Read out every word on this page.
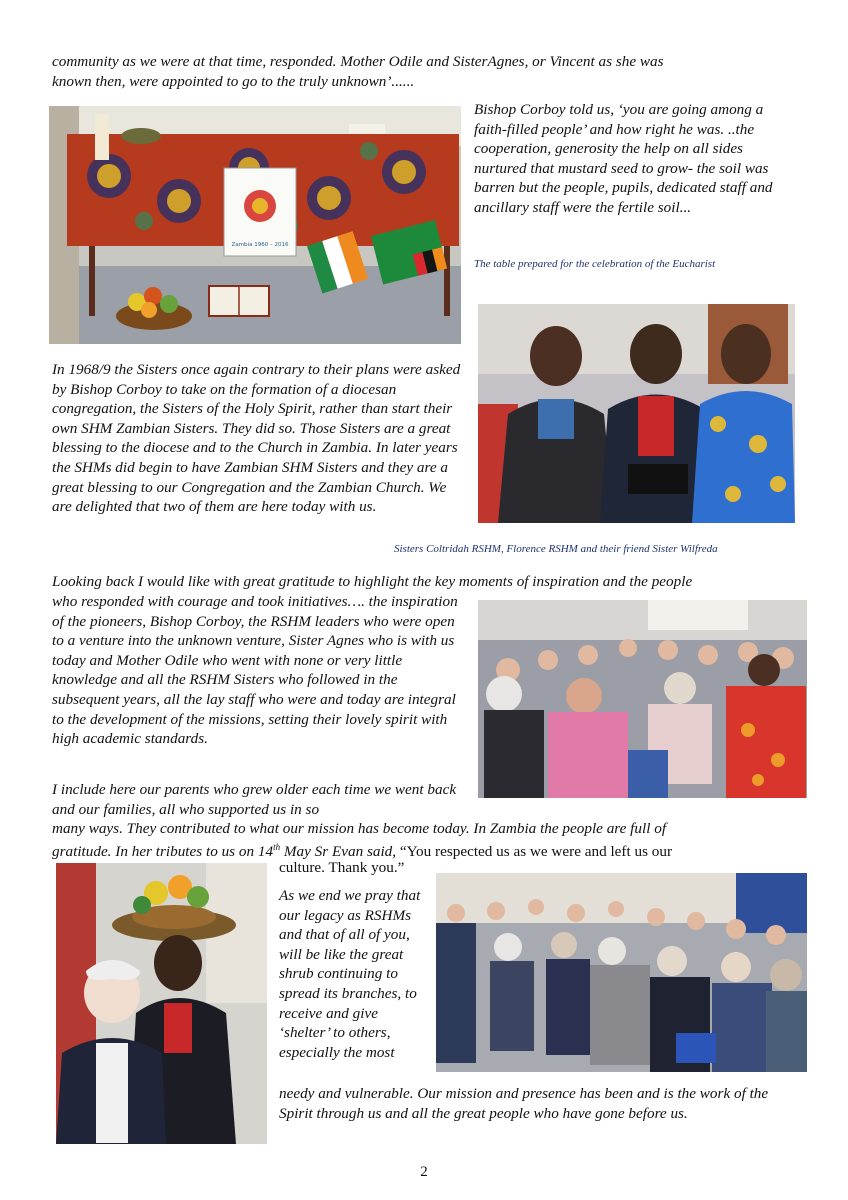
community as we were at that time, responded. Mother Odile and SisterAgnes, or Vincent as she was

known then, were appointed to go to the truly unknown’......

Zambia 1960 – 2016

Bishop Corboy told us, ‘you are going among a faith-filled people’ and how right he was. ..the cooperation, generosity the help on all sides nurtured that mustard seed to grow- the soil was barren but the people, pupils, dedicated staff and ancillary staff were the fertile soil...

The table prepared for the celebration of the Eucharist

In 1968/9 the Sisters once again contrary to their plans were asked by Bishop Corboy to take on the formation of a diocesan congregation, the Sisters of the Holy Spirit, rather than start their own SHM Zambian Sisters. They did so. Those Sisters are a great blessing to the diocese and to the Church in Zambia. In later years the SHMs did begin to have Zambian SHM Sisters and they are a great blessing to our Congregation and the Zambian Church. We are delighted that two of them are here today with us.

Sisters Coltridah RSHM, Florence RSHM and their friend Sister Wilfreda

Looking back I would like with great gratitude to highlight the key moments of inspiration and the people

who responded with courage and took initiatives…. the inspiration of the pioneers, Bishop Corboy, the RSHM leaders who were open to a venture into the unknown venture, Sister Agnes who is with us today and Mother Odile who went with none or very little knowledge and all the RSHM Sisters who followed in the subsequent years, all the lay staff who were and today are integral to the development of the missions, setting their lovely spirit with high academic standards.

I include here our parents who grew older each time we went back and our families, all who supported us in so

many ways. They contributed to what our mission has become today. In Zambia the people are full of

gratitude. In her tributes to us on 14th May Sr Evan said, “You respected us as we were and left us our

culture. Thank you.”

As we end we pray that our legacy as RSHMs and that of all of you, will be like the great shrub continuing to spread its branches, to receive and give ‘shelter’ to others, especially the most

needy and vulnerable. Our mission and presence has been and is the work of the Spirit through us and all the great people who have gone before us.

2
